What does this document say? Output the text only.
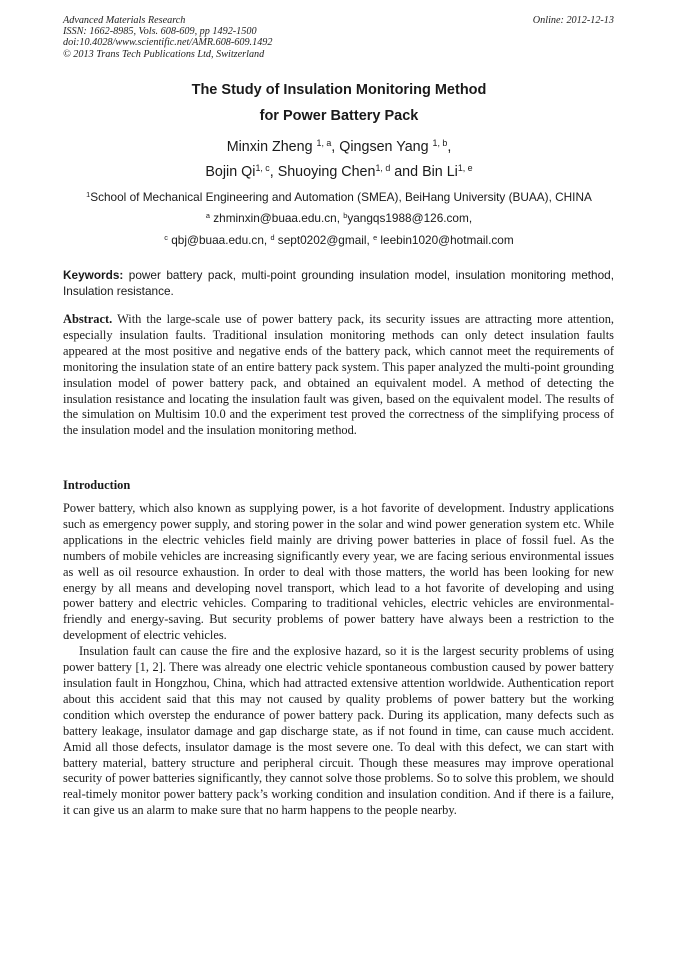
Advanced Materials Research
ISSN: 1662-8985, Vols. 608-609, pp 1492-1500
doi:10.4028/www.scientific.net/AMR.608-609.1492
© 2013 Trans Tech Publications Ltd, Switzerland
Online: 2012-12-13
The Study of Insulation Monitoring Method
for Power Battery Pack
Minxin Zheng $^{1, a}$, Qingsen Yang $^{1, b}$,
Bojin Qi$^{1, c}$, Shuoying Chen$^{1, d}$ and Bin Li$^{1, e}$
$^1$School of Mechanical Engineering and Automation (SMEA), BeiHang University (BUAA), CHINA
$^a$ zhminxin@buaa.edu.cn, $^b$yangqs1988@126.com,
$^c$ qbj@buaa.edu.cn, $^d$ sept0202@gmail, $^e$ leebin1020@hotmail.com
Keywords: power battery pack, multi-point grounding insulation model, insulation monitoring method, Insulation resistance.
Abstract. With the large-scale use of power battery pack, its security issues are attracting more attention, especially insulation faults. Traditional insulation monitoring methods can only detect insulation faults appeared at the most positive and negative ends of the battery pack, which cannot meet the requirements of monitoring the insulation state of an entire battery pack system. This paper analyzed the multi-point grounding insulation model of power battery pack, and obtained an equivalent model. A method of detecting the insulation resistance and locating the insulation fault was given, based on the equivalent model. The results of the simulation on Multisim 10.0 and the experiment test proved the correctness of the simplifying process of the insulation model and the insulation monitoring method.
Introduction

Power battery, which also known as supplying power, is a hot favorite of development. Industry applications such as emergency power supply, and storing power in the solar and wind power generation system etc. While applications in the electric vehicles field mainly are driving power batteries in place of fossil fuel. As the numbers of mobile vehicles are increasing significantly every year, we are facing serious environmental issues as well as oil resource exhaustion. In order to deal with those matters, the world has been looking for new energy by all means and developing novel transport, which lead to a hot favorite of developing and using power battery and electric vehicles. Comparing to traditional vehicles, electric vehicles are environmental-friendly and energy-saving. But security problems of power battery have always been a restriction to the development of electric vehicles.

Insulation fault can cause the fire and the explosive hazard, so it is the largest security problems of using power battery [1, 2]. There was already one electric vehicle spontaneous combustion caused by power battery insulation fault in Hongzhou, China, which had attracted extensive attention worldwide. Authentication report about this accident said that this may not caused by quality problems of power battery but the working condition which overstep the endurance of power battery pack. During its application, many defects such as battery leakage, insulator damage and gap discharge state, as if not found in time, can cause much accident. Amid all those defects, insulator damage is the most severe one. To deal with this defect, we can start with battery material, battery structure and peripheral circuit. Though these measures may improve operational security of power batteries significantly, they cannot solve those problems. So to solve this problem, we should real-timely monitor power battery pack’s working condition and insulation condition. And if there is a failure, it can give us an alarm to make sure that no harm happens to the people nearby.
